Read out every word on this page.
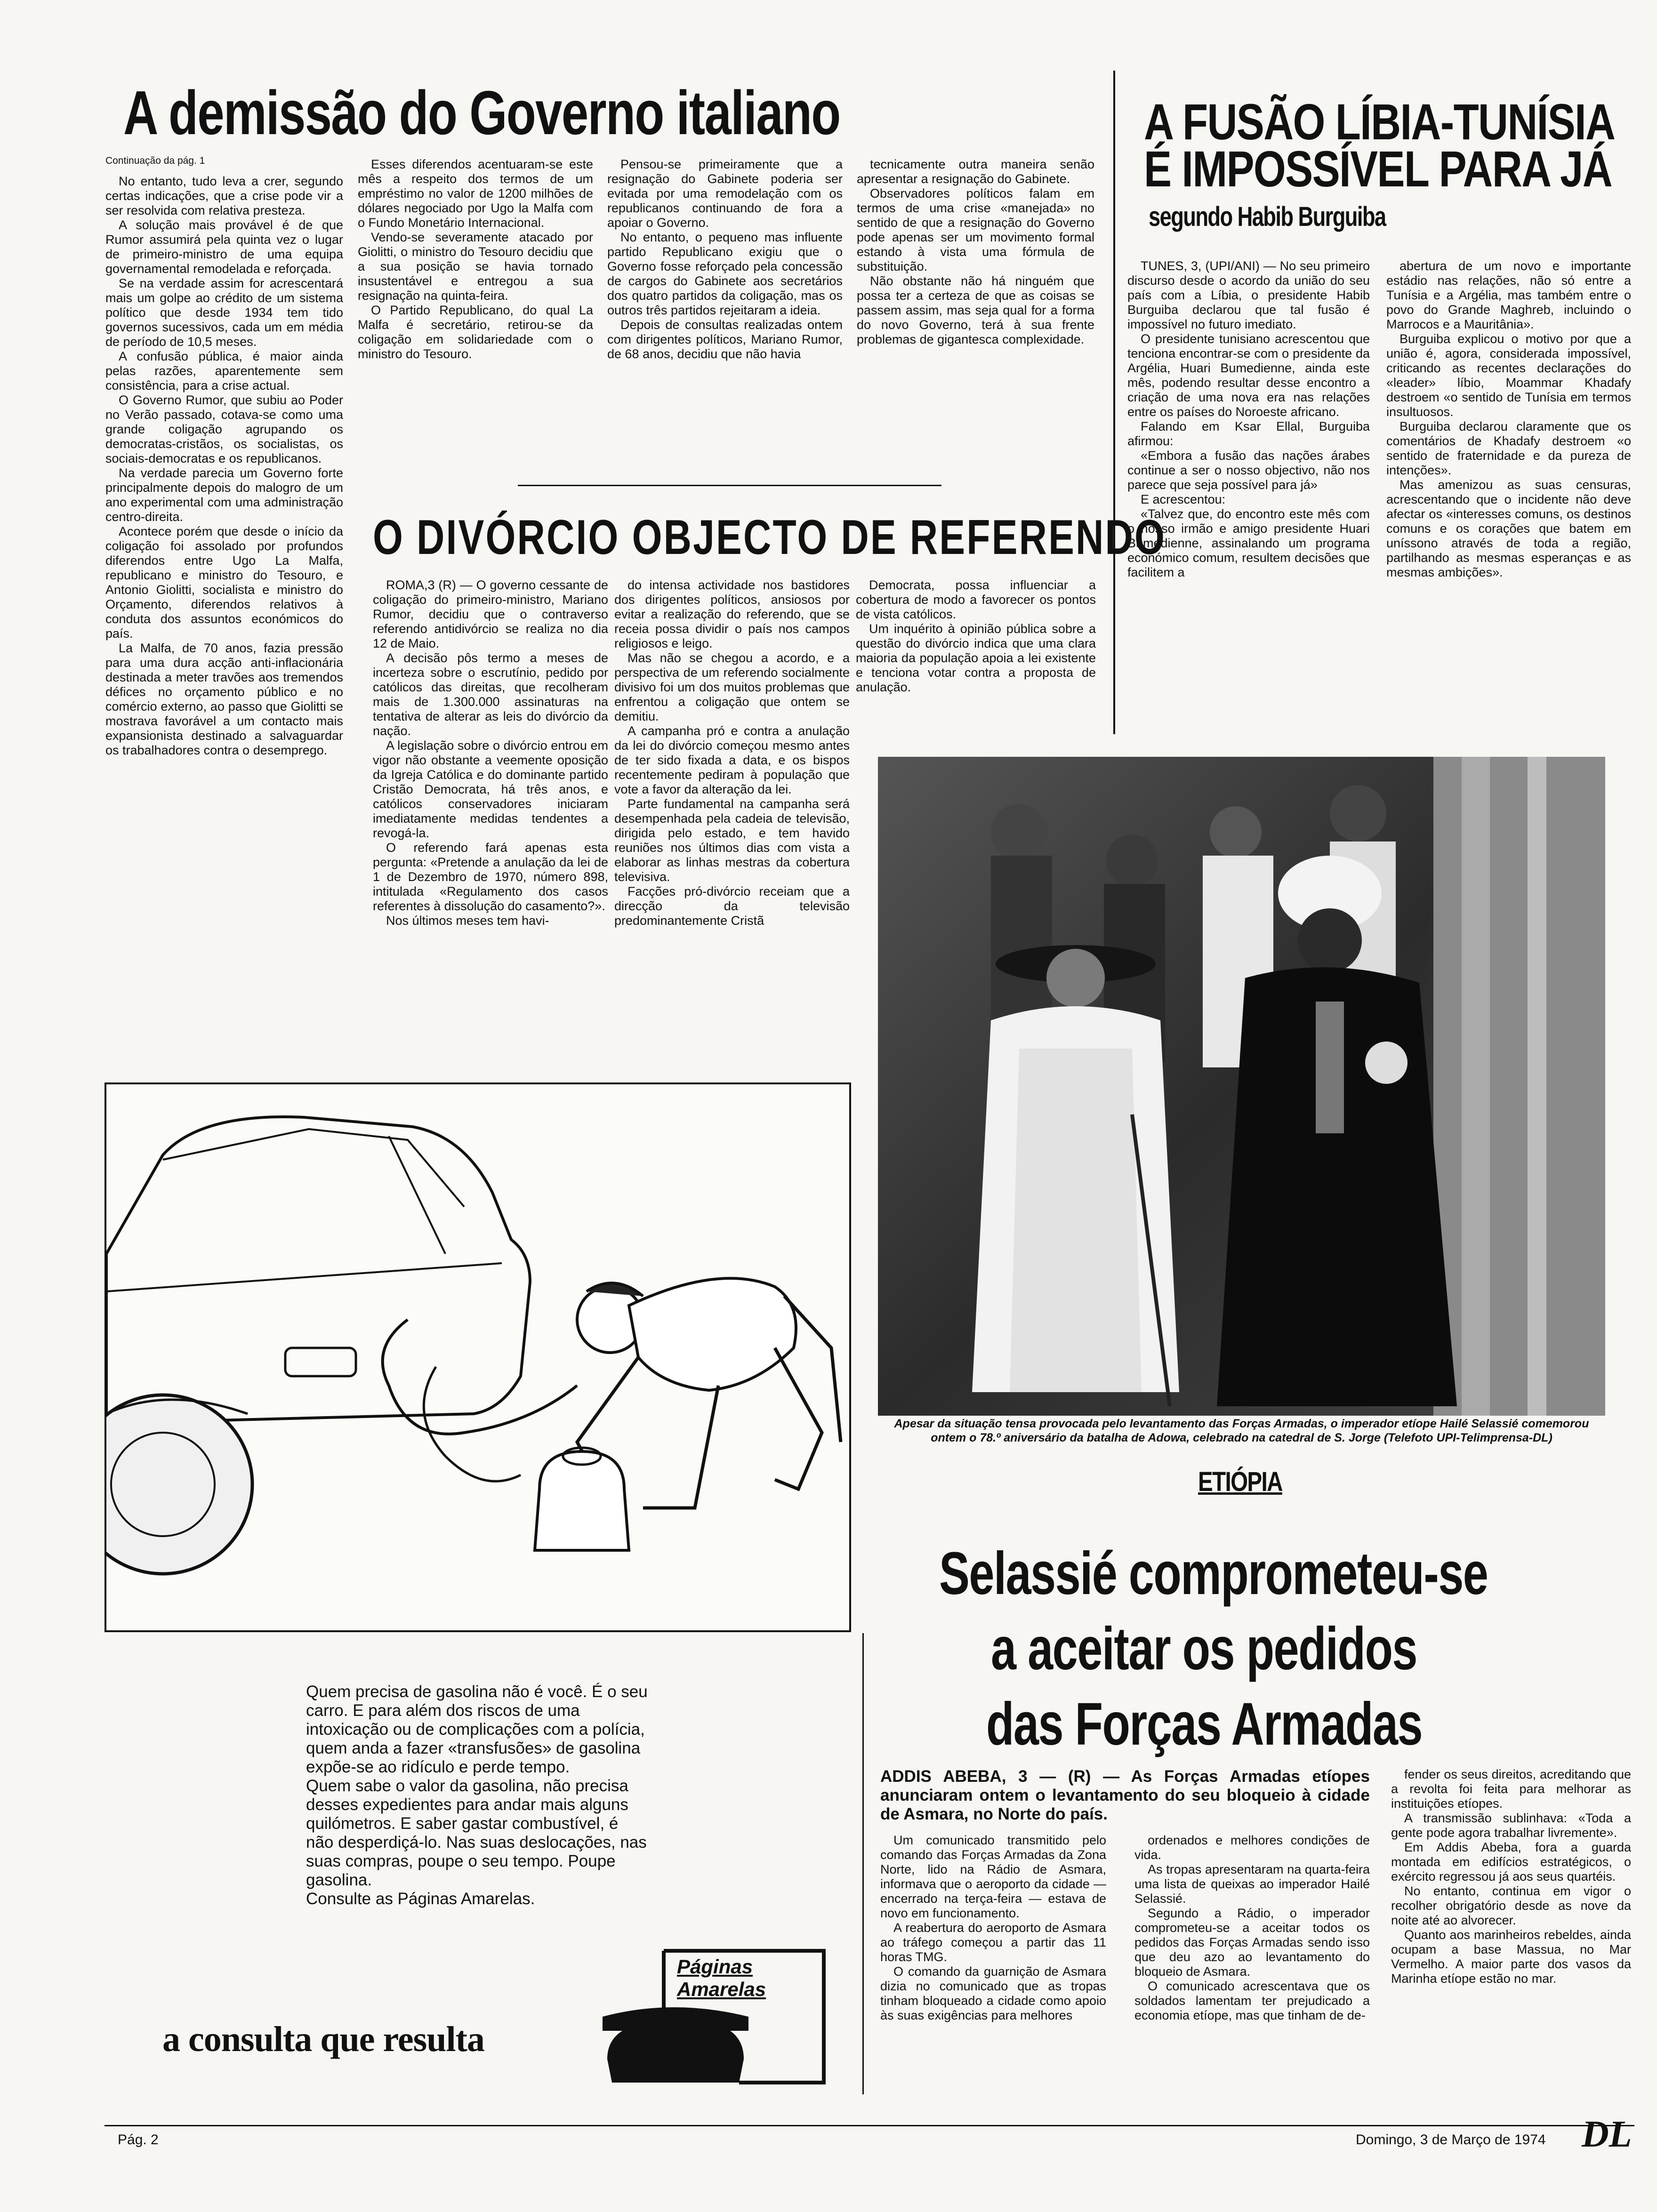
A demissão do Governo italiano
Continuação da pág. 1

No entanto, tudo leva a crer, segundo certas indicações, que a crise pode vir a ser resolvida com relativa presteza.

A solução mais provável é de que Rumor assumirá pela quinta vez o lugar de primeiro-ministro de uma equipa governamental remodelada e reforçada.

Se na verdade assim for acrescentará mais um golpe ao crédito de um sistema político que desde 1934 tem tido governos sucessivos, cada um em média de período de 10,5 meses.

A confusão pública, é maior ainda pelas razões, aparentemente sem consistência, para a crise actual.

O Governo Rumor, que subiu ao Poder no Verão passado, cotava-se como uma grande coligação agrupando os democratas-cristãos, os socialistas, os sociais-democratas e os republicanos.

Na verdade parecia um Governo forte principalmente depois do malogro de um ano experimental com uma administração centro-direita.

Acontece porém que desde o início da coligação foi assolado por profundos diferendos entre Ugo La Malfa, republicano e ministro do Tesouro, e Antonio Giolitti, socialista e ministro do Orçamento, diferendos relativos à conduta dos assuntos económicos do país.

La Malfa, de 70 anos, fazia pressão para uma dura acção anti-inflacionária destinada a meter travões aos tremendos défices no orçamento público e no comércio externo, ao passo que Giolitti se mostrava favorável a um contacto mais expansionista destinado a salvaguardar os trabalhadores contra o desemprego.

Esses diferendos acentuaram-se este mês a respeito dos termos de um empréstimo no valor de 1200 milhões de dólares negociado por Ugo la Malfa com o Fundo Monetário Internacional.

Vendo-se severamente atacado por Giolitti, o ministro do Tesouro decidiu que a sua posição se havia tornado insustentável e entregou a sua resignação na quinta-feira.

O Partido Republicano, do qual La Malfa é secretário, retirou-se da coligação em solidariedade com o ministro do Tesouro.

Pensou-se primeiramente que a resignação do Gabinete poderia ser evitada por uma remodelação com os republicanos continuando de fora a apoiar o Governo.

No entanto, o pequeno mas influente partido Republicano exigiu que o Governo fosse reforçado pela concessão de cargos do Gabinete aos secretários dos quatro partidos da coligação, mas os outros três partidos rejeitaram a ideia.

Depois de consultas realizadas ontem com dirigentes políticos, Mariano Rumor, de 68 anos, decidiu que não havia

tecnicamente outra maneira senão apresentar a resignação do Gabinete.

Observadores políticos falam em termos de uma crise «manejada» no sentido de que a resignação do Governo pode apenas ser um movimento formal estando à vista uma fórmula de substituição.

Não obstante não há ninguém que possa ter a certeza de que as coisas se passem assim, mas seja qual for a forma do novo Governo, terá à sua frente problemas de gigantesca complexidade.

A FUSÃO LÍBIA-TUNÍSIA
É IMPOSSÍVEL PARA JÁ
segundo Habib Burguiba

TUNES, 3, (UPI/ANI) — No seu primeiro discurso desde o acordo da união do seu país com a Líbia, o presidente Habib Burguiba declarou que tal fusão é impossível no futuro imediato.

O presidente tunisiano acrescentou que tenciona encontrar-se com o presidente da Argélia, Huari Bumedienne, ainda este mês, podendo resultar desse encontro a criação de uma nova era nas relações entre os países do Noroeste africano.

Falando em Ksar Ellal, Burguiba afirmou:

«Embora a fusão das nações árabes continue a ser o nosso objectivo, não nos parece que seja possível para já»

E acrescentou:

«Talvez que, do encontro este mês com o nosso irmão e amigo presidente Huari Bumedienne, assinalando um programa económico comum, resultem decisões que facilitem a

abertura de um novo e importante estádio nas relações, não só entre a Tunísia e a Argélia, mas também entre o povo do Grande Maghreb, incluindo o Marrocos e a Mauritânia».

Burguiba explicou o motivo por que a união é, agora, considerada impossível, criticando as recentes declarações do «leader» líbio, Moammar Khadafy destroem «o sentido de Tunísia em termos insultuosos.

Burguiba declarou claramente que os comentários de Khadafy destroem «o sentido de fraternidade e da pureza de intenções».

Mas amenizou as suas censuras, acrescentando que o incidente não deve afectar os «interesses comuns, os destinos comuns e os corações que batem em uníssono através de toda a região, partilhando as mesmas esperanças e as mesmas ambições».

O DIVÓRCIO OBJECTO DE REFERENDO

ROMA,3 (R) — O governo cessante de coligação do primeiro-ministro, Mariano Rumor, decidiu que o contraverso referendo antidivórcio se realiza no dia 12 de Maio.

A decisão pôs termo a meses de incerteza sobre o escrutínio, pedido por católicos das direitas, que recolheram mais de 1.300.000 assinaturas na tentativa de alterar as leis do divórcio da nação.

A legislação sobre o divórcio entrou em vigor não obstante a veemente oposição da Igreja Católica e do dominante partido Cristão Democrata, há três anos, e católicos conservadores iniciaram imediatamente medidas tendentes a revogá-la.

O referendo fará apenas esta pergunta: «Pretende a anulação da lei de 1 de Dezembro de 1970, número 898, intitulada «Regulamento dos casos referentes à dissolução do casamento?».

Nos últimos meses tem havi-

do intensa actividade nos bastidores dos dirigentes políticos, ansiosos por evitar a realização do referendo, que se receia possa dividir o país nos campos religiosos e leigo.

Mas não se chegou a acordo, e a perspectiva de um referendo socialmente divisivo foi um dos muitos problemas que enfrentou a coligação que ontem se demitiu.

A campanha pró e contra a anulação da lei do divórcio começou mesmo antes de ter sido fixada a data, e os bispos recentemente pediram à população que vote a favor da alteração da lei.

Parte fundamental na campanha será desempenhada pela cadeia de televisão, dirigida pelo estado, e tem havido reuniões nos últimos dias com vista a elaborar as linhas mestras da cobertura televisiva.

Facções pró-divórcio receiam que a direcção da televisão predominantemente Cristã

Democrata, possa influenciar a cobertura de modo a favorecer os pontos de vista católicos.

Um inquérito à opinião pública sobre a questão do divórcio indica que uma clara maioria da população apoia a lei existente e tenciona votar contra a proposta de anulação.

Apesar da situação tensa provocada pelo levantamento das Forças Armadas, o imperador etíope Hailé Selassié comemorou ontem o 78.º aniversário da batalha de Adowa, celebrado na catedral de S. Jorge (Telefoto UPI-Telimprensa-DL)
Quem precisa de gasolina não é você. É o seu carro. E para além dos riscos de uma intoxicação ou de complicações com a polícia, quem anda a fazer «transfusões» de gasolina expõe-se ao ridículo e perde tempo.
Quem sabe o valor da gasolina, não precisa desses expedientes para andar mais alguns quilómetros. E saber gastar combustível, é não desperdiçá-lo. Nas suas deslocações, nas suas compras, poupe o seu tempo. Poupe gasolina.
Consulte as Páginas Amarelas.
a consulta que resulta
Páginas
Amarelas
ETIÓPIA
Selassié comprometeu-se
a aceitar os pedidos
das Forças Armadas
ADDIS ABEBA, 3 — (R) — As Forças Armadas etíopes anunciaram ontem o levantamento do seu bloqueio à cidade de Asmara, no Norte do país.

Um comunicado transmitido pelo comando das Forças Armadas da Zona Norte, lido na Rádio de Asmara, informava que o aeroporto da cidade — encerrado na terça-feira — estava de novo em funcionamento.

A reabertura do aeroporto de Asmara ao tráfego começou a partir das 11 horas TMG.

O comando da guarnição de Asmara dizia no comunicado que as tropas tinham bloqueado a cidade como apoio às suas exigências para melhores

ordenados e melhores condições de vida.

As tropas apresentaram na quarta-feira uma lista de queixas ao imperador Hailé Selassié.

Segundo a Rádio, o imperador comprometeu-se a aceitar todos os pedidos das Forças Armadas sendo isso que deu azo ao levantamento do bloqueio de Asmara.

O comunicado acrescentava que os soldados lamentam ter prejudicado a economia etíope, mas que tinham de de-

fender os seus direitos, acreditando que a revolta foi feita para melhorar as instituições etíopes.

A transmissão sublinhava: «Toda a gente pode agora trabalhar livremente».

Em Addis Abeba, fora a guarda montada em edifícios estratégicos, o exército regressou já aos seus quartéis.

No entanto, continua em vigor o recolher obrigatório desde as nove da noite até ao alvorecer.

Quanto aos marinheiros rebeldes, ainda ocupam a base Massua, no Mar Vermelho. A maior parte dos vasos da Marinha etíope estão no mar.

Pág. 2	Domingo, 3 de Março de 1974 DL
